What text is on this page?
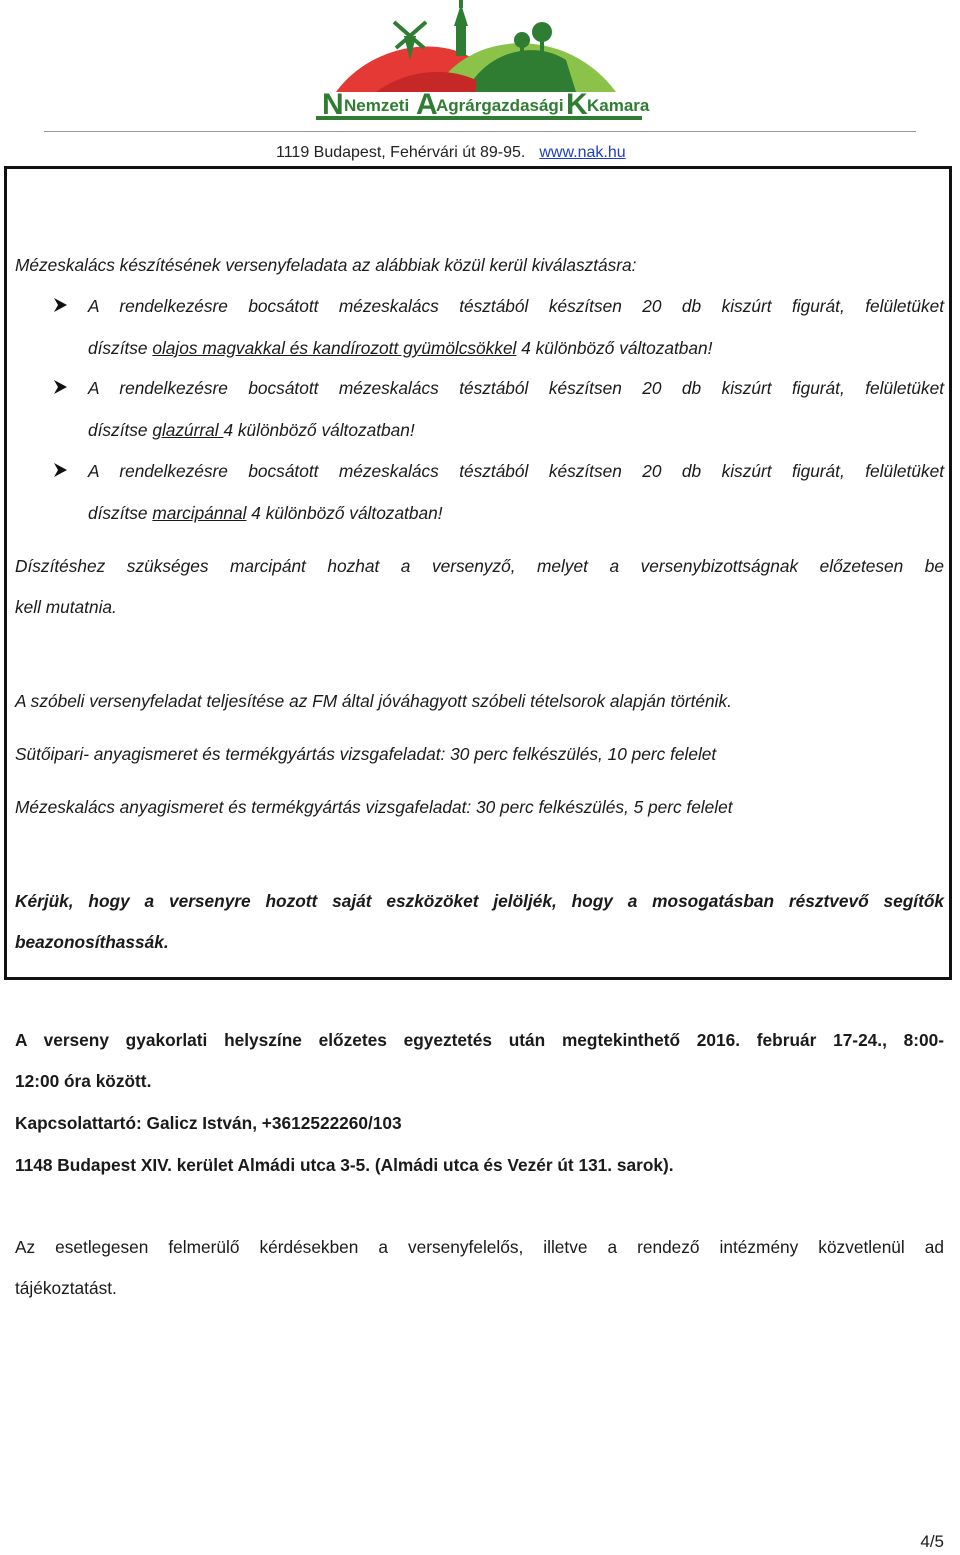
N A	K
Nemzeti Agrárgazdasági Kamara
1119 Budapest, Fehérvári út 89-95. www.nak.hu
Mézeskalács készítésének versenyfeladata az alábbiak közül kerül kiválasztásra:
A rendelkezésre bocsátott mézeskalács tésztából készítsen 20 db kiszúrt figurát, felületüket
díszítse olajos magvakkal és kandírozott gyümölcsökkel 4 különböző változatban!
A rendelkezésre bocsátott mézeskalács tésztából készítsen 20 db kiszúrt figurát, felületüket
díszítse glazúrral 4 különböző változatban!
A rendelkezésre bocsátott mézeskalács tésztából készítsen 20 db kiszúrt figurát, felületüket
díszítse marcipánnal 4 különböző változatban!
Díszítéshez szükséges marcipánt hozhat a versenyző, melyet a versenybizottságnak előzetesen be
kell mutatnia.
A szóbeli versenyfeladat teljesítése az FM által jóváhagyott szóbeli tételsorok alapján történik.
Sütőipari- anyagismeret és termékgyártás vizsgafeladat: 30 perc felkészülés, 10 perc felelet
Mézeskalács anyagismeret és termékgyártás vizsgafeladat: 30 perc felkészülés, 5 perc felelet
Kérjük, hogy a versenyre hozott saját eszközöket jelöljék, hogy a mosogatásban résztvevő segítők
beazonosíthassák.
A verseny gyakorlati helyszíne előzetes egyeztetés után megtekinthető 2016. február 17-24., 8:00-
12:00 óra között.
Kapcsolattartó: Galicz István, +3612522260/103
1148 Budapest XIV. kerület Almádi utca 3-5. (Almádi utca és Vezér út 131. sarok).
Az esetlegesen felmerülő kérdésekben a versenyfelelős, illetve a rendező intézmény közvetlenül ad
tájékoztatást.
4/5
